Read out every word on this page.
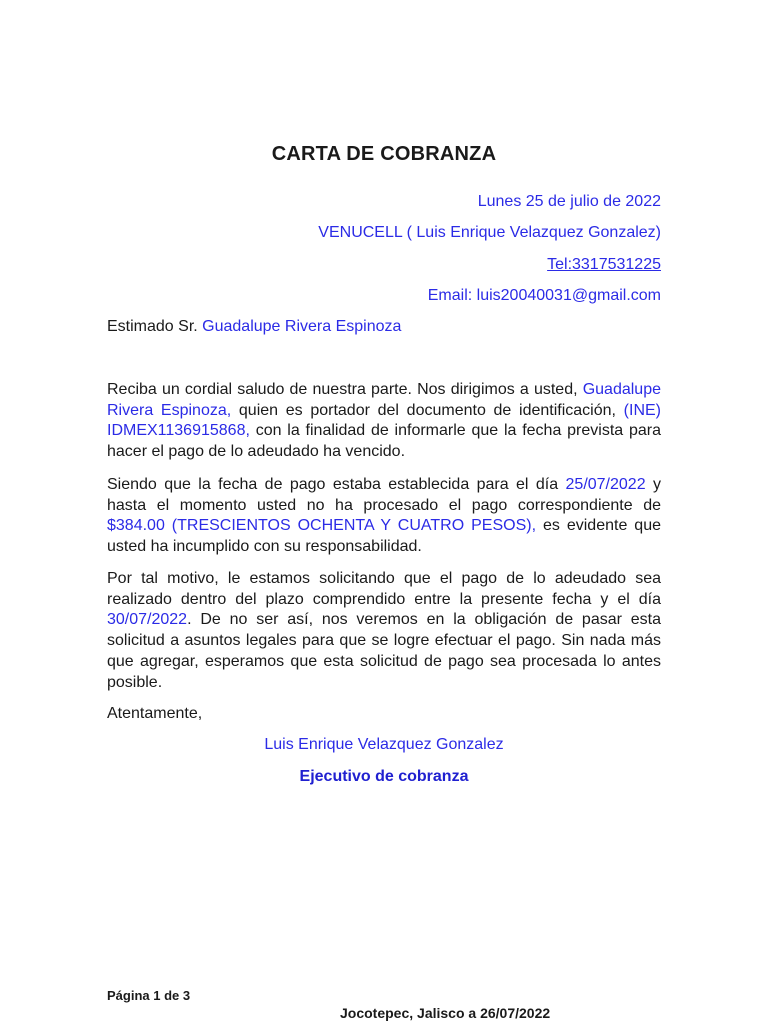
CARTA DE COBRANZA
Lunes 25 de julio de 2022
VENUCELL ( Luis Enrique Velazquez Gonzalez)
Tel:3317531225
Email: luis20040031@gmail.com
Estimado Sr. Guadalupe Rivera Espinoza

Reciba un cordial saludo de nuestra parte. Nos dirigimos a usted, Guadalupe Rivera Espinoza, quien es portador del documento de identificación, (INE) IDMEX1136915868, con la finalidad de informarle que la fecha prevista para hacer el pago de lo adeudado ha vencido.

Siendo que la fecha de pago estaba establecida para el día 25/07/2022 y hasta el momento usted no ha procesado el pago correspondiente de $384.00 (TRESCIENTOS OCHENTA Y CUATRO PESOS), es evidente que usted ha incumplido con su responsabilidad.

Por tal motivo, le estamos solicitando que el pago de lo adeudado sea realizado dentro del plazo comprendido entre la presente fecha y el día 30/07/2022. De no ser así, nos veremos en la obligación de pasar esta solicitud a asuntos legales para que se logre efectuar el pago. Sin nada más que agregar, esperamos que esta solicitud de pago sea procesada lo antes posible.

Atentamente,
Luis Enrique Velazquez Gonzalez
Ejecutivo de cobranza
Página 1 de 3
Jocotepec, Jalisco a 26/07/2022
